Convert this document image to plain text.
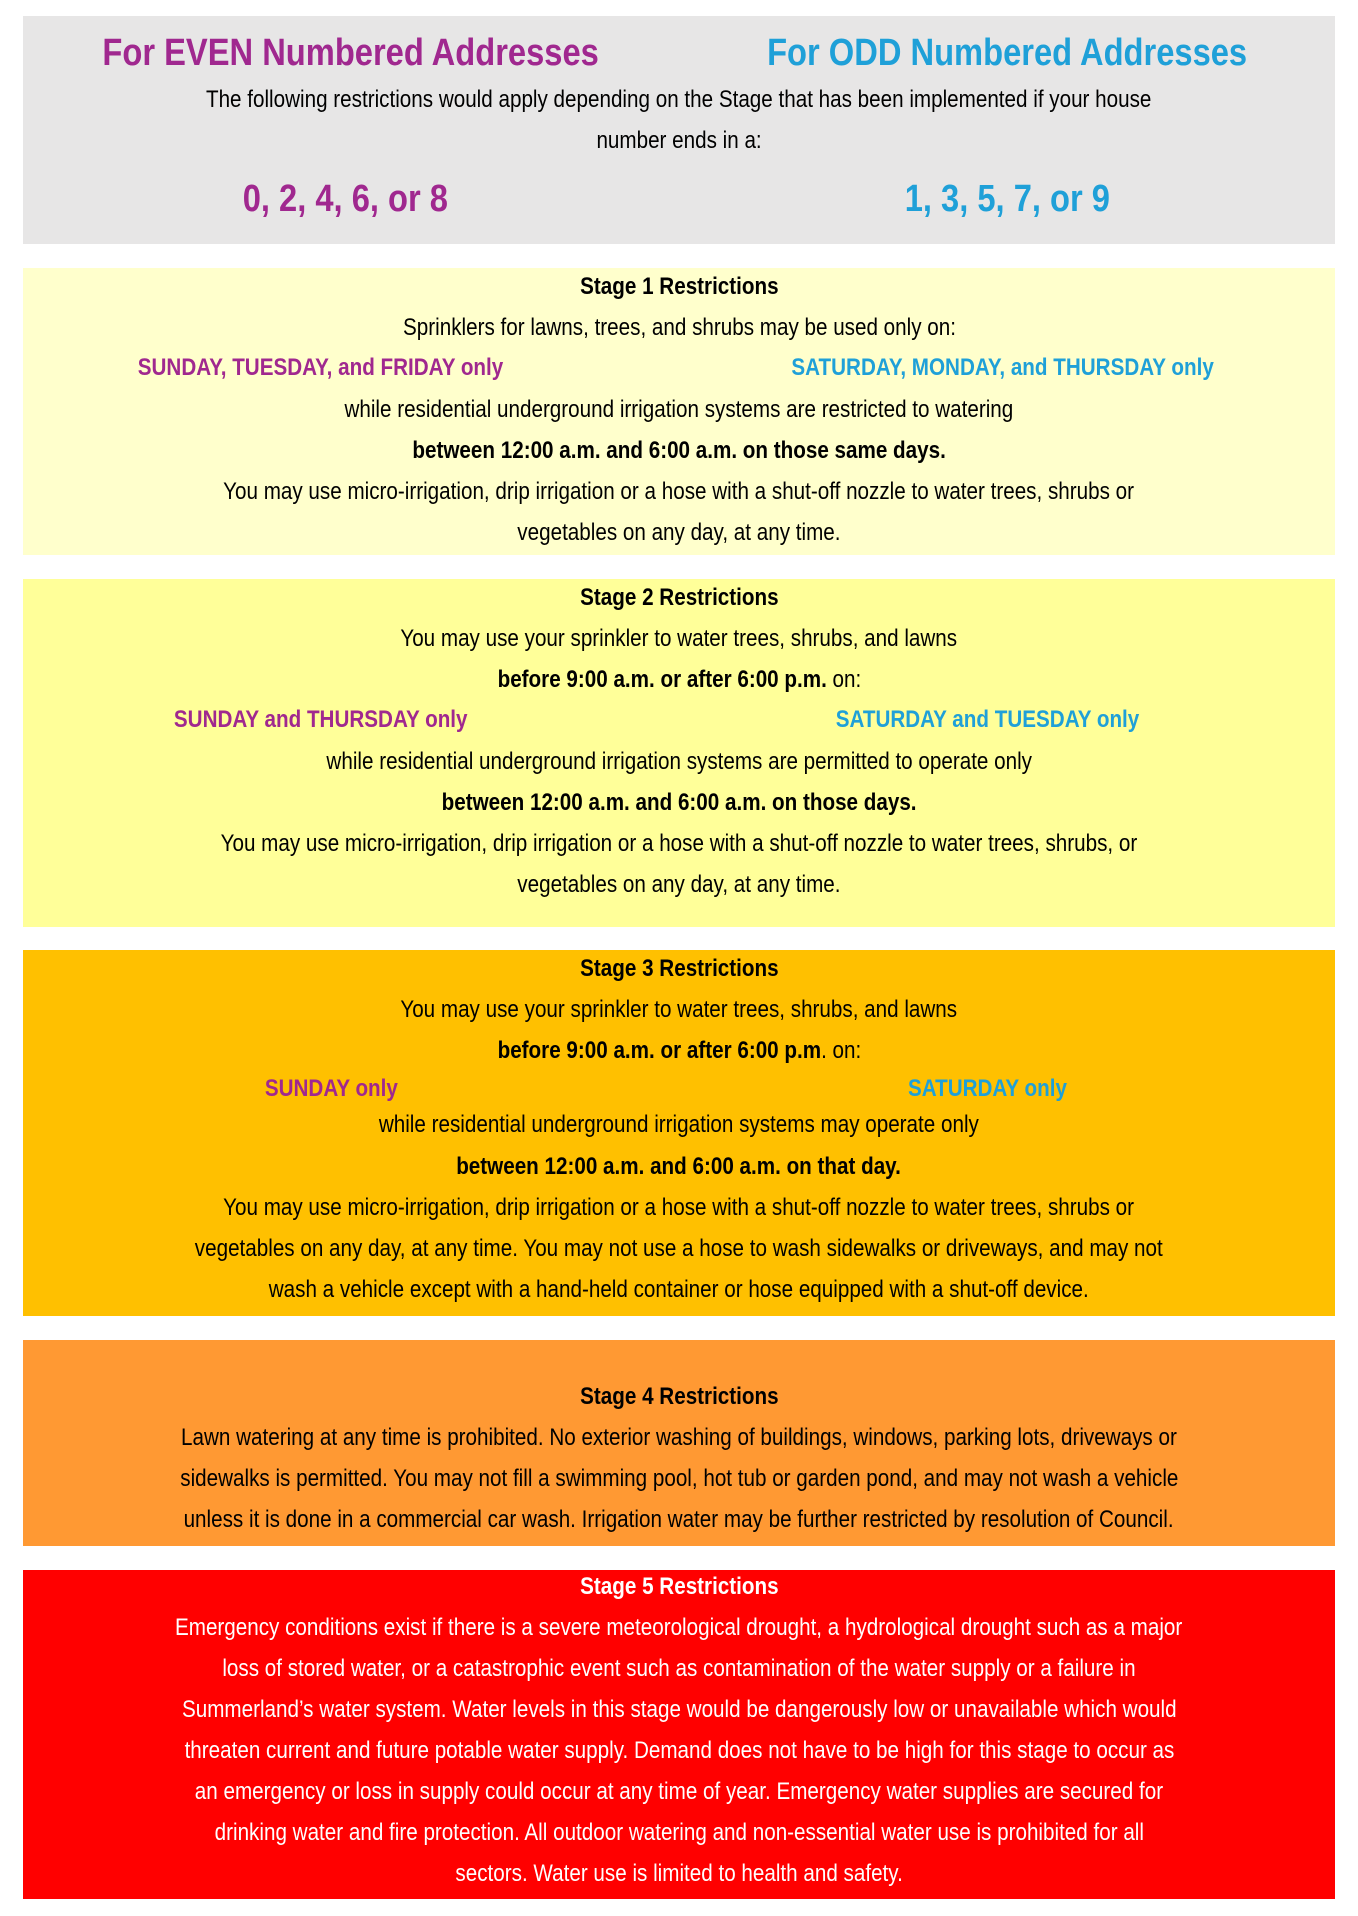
For EVEN Numbered Addresses	For ODD Numbered Addresses
The following restrictions would apply depending on the Stage that has been implemented if your house
number ends in a:
0, 2, 4, 6, or 8	1, 3, 5, 7, or 9
Stage 1 Restrictions
Sprinklers for lawns, trees, and shrubs may be used only on:
SUNDAY, TUESDAY, and FRIDAY only	SATURDAY, MONDAY, and THURSDAY only
while residential underground irrigation systems are restricted to watering
between 12:00 a.m. and 6:00 a.m. on those same days.
You may use micro-irrigation, drip irrigation or a hose with a shut-off nozzle to water trees, shrubs or
vegetables on any day, at any time.
Stage 2 Restrictions
You may use your sprinkler to water trees, shrubs, and lawns
before 9:00 a.m. or after 6:00 p.m. on:
SUNDAY and THURSDAY only	SATURDAY and TUESDAY only
while residential underground irrigation systems are permitted to operate only
between 12:00 a.m. and 6:00 a.m. on those days.
You may use micro-irrigation, drip irrigation or a hose with a shut-off nozzle to water trees, shrubs, or
vegetables on any day, at any time.
Stage 3 Restrictions
You may use your sprinkler to water trees, shrubs, and lawns
before 9:00 a.m. or after 6:00 p.m. on:
SUNDAY only	SATURDAY only
while residential underground irrigation systems may operate only
between 12:00 a.m. and 6:00 a.m. on that day.
You may use micro-irrigation, drip irrigation or a hose with a shut-off nozzle to water trees, shrubs or
vegetables on any day, at any time. You may not use a hose to wash sidewalks or driveways, and may not
wash a vehicle except with a hand-held container or hose equipped with a shut-off device.
Stage 4 Restrictions
Lawn watering at any time is prohibited. No exterior washing of buildings, windows, parking lots, driveways or
sidewalks is permitted. You may not fill a swimming pool, hot tub or garden pond, and may not wash a vehicle
unless it is done in a commercial car wash. Irrigation water may be further restricted by resolution of Council.
Stage 5 Restrictions
Emergency conditions exist if there is a severe meteorological drought, a hydrological drought such as a major
loss of stored water, or a catastrophic event such as contamination of the water supply or a failure in
Summerland’s water system. Water levels in this stage would be dangerously low or unavailable which would
threaten current and future potable water supply. Demand does not have to be high for this stage to occur as
an emergency or loss in supply could occur at any time of year. Emergency water supplies are secured for
drinking water and fire protection. All outdoor watering and non-essential water use is prohibited for all
sectors. Water use is limited to health and safety.
